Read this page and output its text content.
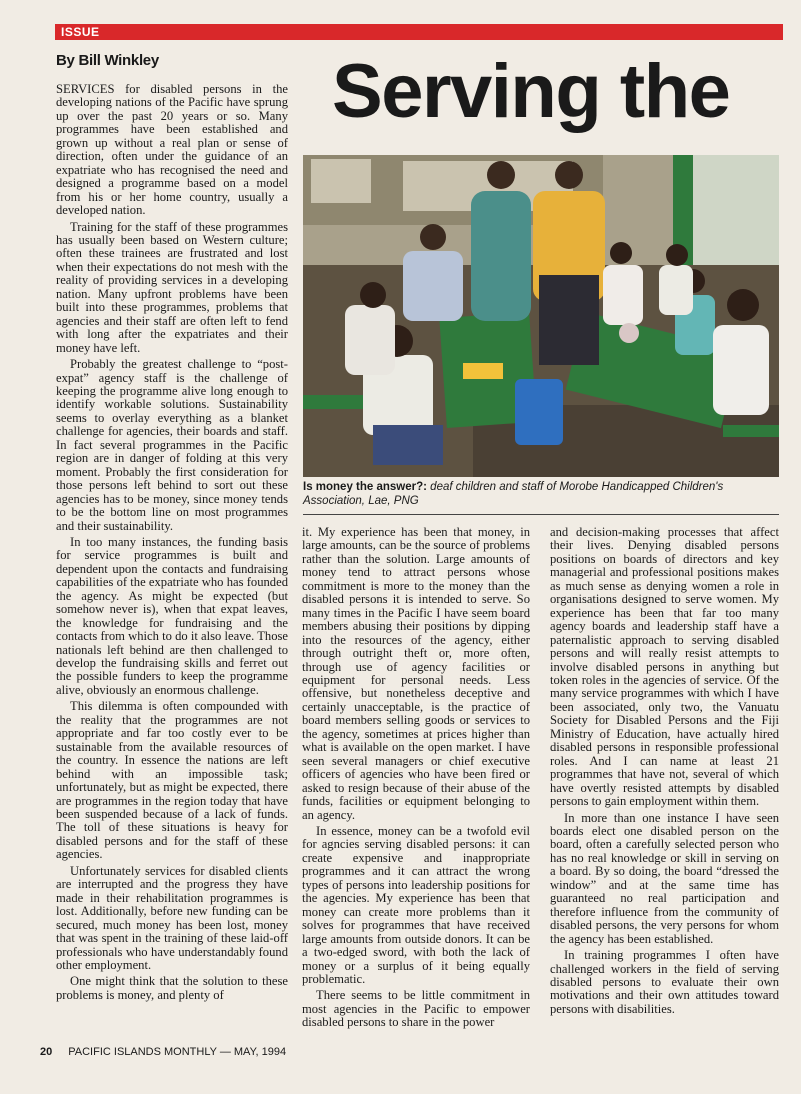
ISSUE
By Bill Winkley Serving the

SERVICES for disabled persons in the developing nations of the Pacific have sprung up over the past 20 years or so. Many programmes have been established and grown up without a real plan or sense of direction, often under the guidance of an expatriate who has recognised the need and designed a programme based on a model from his or her home country, usually a developed nation.

Training for the staff of these programmes has usually been based on Western culture; often these trainees are frustrated and lost when their expectations do not mesh with the reality of providing services in a developing nation. Many upfront problems have been built into these programmes, problems that agencies and their staff are often left to fend with long after the expatriates and their money have left.

Probably the greatest challenge to “post-expat” agency staff is the challenge of keeping the programme alive long enough to identify workable solutions. Sustainability seems to overlay everything as a blanket challenge for agencies, their boards and staff. In fact several programmes in the Pacific region are in danger of folding at this very moment. Probably the first consideration for those persons left behind to sort out these agencies has to be money, since money tends to be the bottom line on most programmes and their sustainability.

In too many instances, the funding basis for service programmes is built and dependent upon the contacts and fundraising capabilities of the expatriate who has founded the agency. As might be expected (but somehow never is), when that expat leaves, the knowledge for fundraising and the contacts from which to do it also leave. Those nationals left behind are then challenged to develop the fundraising skills and ferret out the possible funders to keep the programme alive, obviously an enormous challenge.

This dilemma is often compounded with the reality that the programmes are not appropriate and far too costly ever to be sustainable from the available resources of the country. In essence the nations are left behind with an impossible task; unfortunately, but as might be expected, there are programmes in the region today that have been suspended because of a lack of funds. The toll of these situations is heavy for disabled persons and for the staff of these agencies.

Unfortunately services for disabled clients are interrupted and the progress they have made in their rehabilitation programmes is lost. Additionally, before new funding can be secured, much money has been lost, money that was spent in the training of these laid-off professionals who have understandably found other employment.

One might think that the solution to these problems is money, and plenty of

Is money the answer?: deaf children and staff of Morobe Handicapped Children's Association, Lae, PNG

it. My experience has been that money, in large amounts, can be the source of problems rather than the solution. Large amounts of money tend to attract persons whose commitment is more to the money than the disabled persons it is intended to serve. So many times in the Pacific I have seem board members abusing their positions by dipping into the resources of the agency, either through outright theft or, more often, through use of agency facilities or equipment for personal needs. Less offensive, but nonetheless deceptive and certainly unacceptable, is the practice of board members selling goods or services to the agency, sometimes at prices higher than what is available on the open market. I have seen several managers or chief executive officers of agencies who have been fired or asked to resign because of their abuse of the funds, facilities or equipment belonging to an agency.

In essence, money can be a twofold evil for agncies serving disabled persons: it can create expensive and inappropriate programmes and it can attract the wrong types of persons into leadership positions for the agencies. My experience has been that money can create more problems than it solves for programmes that have received large amounts from outside donors. It can be a two-edged sword, with both the lack of money or a surplus of it being equally problematic.

There seems to be little commitment in most agencies in the Pacific to empower disabled persons to share in the power

and decision-making processes that affect their lives. Denying disabled persons positions on boards of directors and key managerial and professional positions makes as much sense as denying women a role in organisations designed to serve women. My experience has been that far too many agency boards and leadership staff have a paternalistic approach to serving disabled persons and will really resist attempts to involve disabled persons in anything but token roles in the agencies of service. Of the many service programmes with which I have been associated, only two, the Vanuatu Society for Disabled Persons and the Fiji Ministry of Education, have actually hired disabled persons in responsible professional roles. And I can name at least 21 programmes that have not, several of which have overtly resisted attempts by disabled persons to gain employment within them.

In more than one instance I have seen boards elect one disabled person on the board, often a carefully selected person who has no real knowledge or skill in serving on a board. By so doing, the board “dressed the window” and at the same time has guaranteed no real participation and therefore influence from the community of disabled persons, the very persons for whom the agency has been established.

In training programmes I often have challenged workers in the field of serving disabled persons to evaluate their own motivations and their own attitudes toward persons with disabilities.

20 PACIFIC ISLANDS MONTHLY — MAY, 1994
